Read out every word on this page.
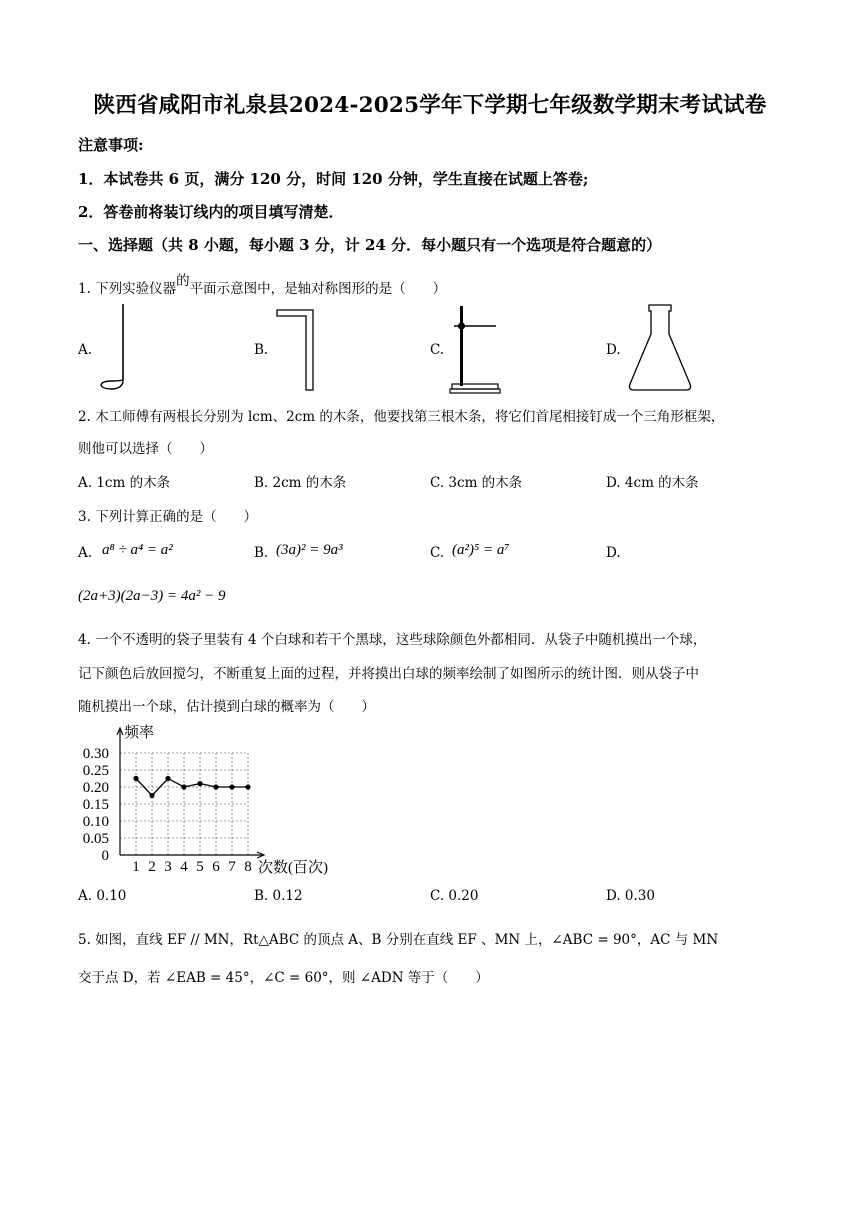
陕西省咸阳市礼泉县2024-2025学年下学期七年级数学期末考试试卷
注意事项:
1．本试卷共 6 页，满分 120 分，时间 120 分钟，学生直接在试题上答卷;
2．答卷前将装订线内的项目填写清楚．
一、选择题（共 8 小题，每小题 3 分，计 24 分．每小题只有一个选项是符合题意的）
1. 下列实验仪器的平面示意图中，是轴对称图形的是（　　）
A.	B.	C.	D.
2. 木工师傅有两根长分别为 lcm、2cm 的木条，他要找第三根木条，将它们首尾相接钉成一个三角形框架，
则他可以选择（　　）
A. 1cm 的木条	B. 2cm 的木条	C. 3cm 的木条	D. 4cm 的木条
3. 下列计算正确的是（　　）
A. a⁸ ÷ a⁴ = a²	B. (3a)² = 9a³	C. (a²)⁵ = a⁷	D.
(2a+3)(2a−3) = 4a² − 9
4. 一个不透明的袋子里装有 4 个白球和若干个黑球，这些球除颜色外都相同．从袋子中随机摸出一个球，
记下颜色后放回搅匀，不断重复上面的过程，并将摸出白球的频率绘制了如图所示的统计图．则从袋子中
随机摸出一个球，估计摸到白球的概率为（　　）
0
0.05
0.10
0.15
0.20
0.25
0.30
1 2 3 4 5 6 7 8
频率
次数(百次)
A. 0.10	B. 0.12	C. 0.20	D. 0.30
5. 如图，直线 EF // MN，Rt△ABC 的顶点 A、B 分别在直线 EF 、MN 上，∠ABC = 90°，AC 与 MN
交于点 D，若 ∠EAB = 45°，∠C = 60°，则 ∠ADN 等于（　　）
